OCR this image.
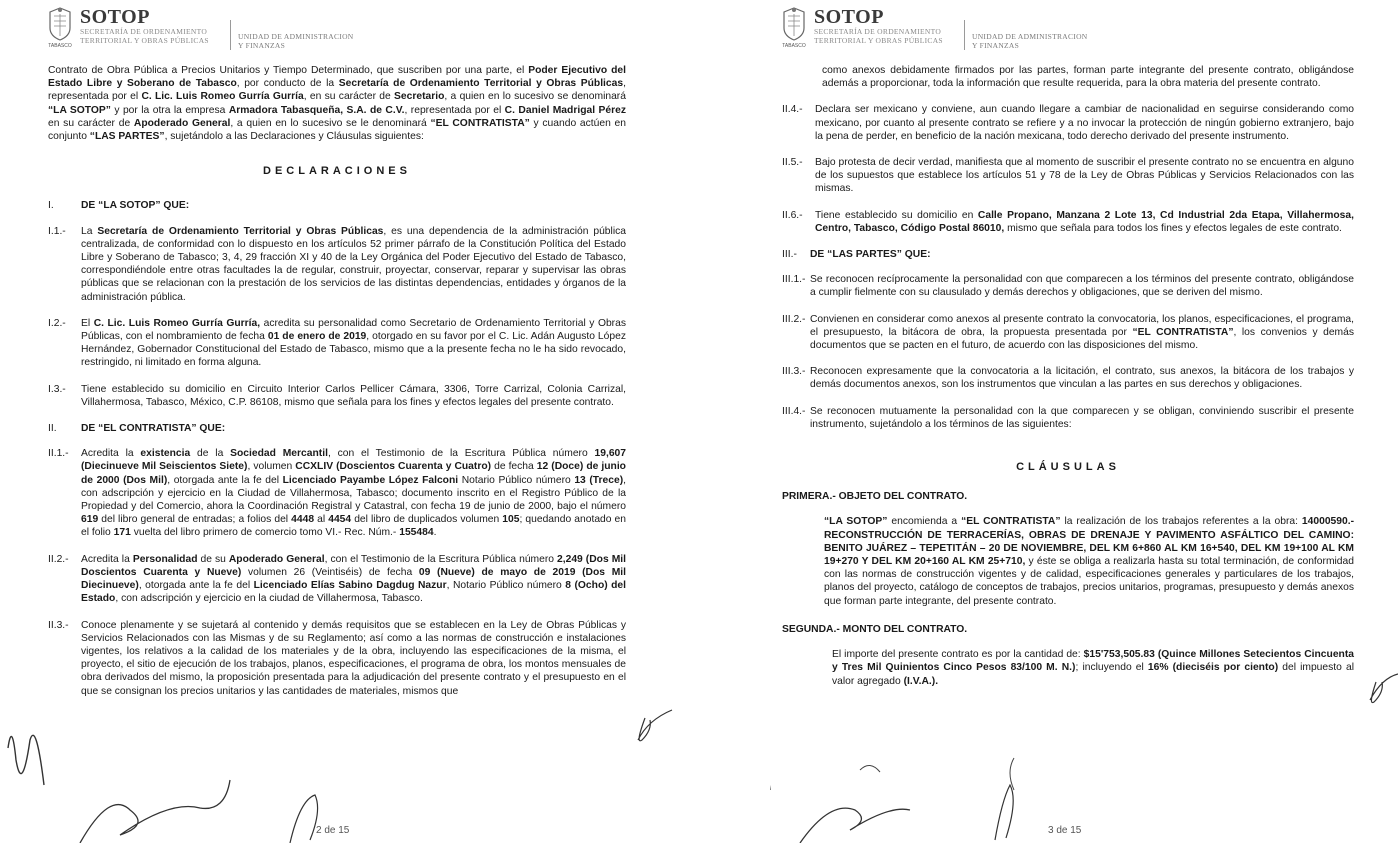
TABASCO
SOTOP
SECRETARÍA DE ORDENAMIENTO
TERRITORIAL Y OBRAS PÚBLICAS	UNIDAD DE ADMINISTRACION
Y FINANZAS

Contrato de Obra Pública a Precios Unitarios y Tiempo Determinado, que suscriben por una parte, el Poder Ejecutivo del Estado Libre y Soberano de Tabasco, por conducto de la Secretaría de Ordenamiento Territorial y Obras Públicas, representada por el C. Lic. Luis Romeo Gurría Gurría, en su carácter de Secretario, a quien en lo sucesivo se denominará “LA SOTOP” y por la otra la empresa Armadora Tabasqueña, S.A. de C.V., representada por el C. Daniel Madrigal Pérez en su carácter de Apoderado General, a quien en lo sucesivo se le denominará “EL CONTRATISTA” y cuando actúen en conjunto “LAS PARTES”, sujetándolo a las Declaraciones y Cláusulas siguientes:

DECLARACIONES
I.	DE “LA SOTOP” QUE:
I.1.-	La Secretaría de Ordenamiento Territorial y Obras Públicas, es una dependencia de la administración pública centralizada, de conformidad con lo dispuesto en los artículos 52 primer párrafo de la Constitución Política del Estado Libre y Soberano de Tabasco; 3, 4, 29 fracción XI y 40 de la Ley Orgánica del Poder Ejecutivo del Estado de Tabasco, correspondiéndole entre otras facultades la de regular, construir, proyectar, conservar, reparar y supervisar las obras públicas que se relacionan con la prestación de los servicios de las distintas dependencias, entidades y órganos de la administración pública.
I.2.-	El C. Lic. Luis Romeo Gurría Gurría, acredita su personalidad como Secretario de Ordenamiento Territorial y Obras Públicas, con el nombramiento de fecha 01 de enero de 2019, otorgado en su favor por el C. Lic. Adán Augusto López Hernández, Gobernador Constitucional del Estado de Tabasco, mismo que a la presente fecha no le ha sido revocado, restringido, ni limitado en forma alguna.
I.3.-	Tiene establecido su domicilio en Circuito Interior Carlos Pellicer Cámara, 3306, Torre Carrizal, Colonia Carrizal, Villahermosa, Tabasco, México, C.P. 86108, mismo que señala para los fines y efectos legales del presente contrato.
II.	DE “EL CONTRATISTA” QUE:
II.1.-	Acredita la existencia de la Sociedad Mercantil, con el Testimonio de la Escritura Pública número 19,607 (Diecinueve Mil Seiscientos Siete), volumen CCXLIV (Doscientos Cuarenta y Cuatro) de fecha 12 (Doce) de junio de 2000 (Dos Mil), otorgada ante la fe del Licenciado Payambe López Falconi Notario Público número 13 (Trece), con adscripción y ejercicio en la Ciudad de Villahermosa, Tabasco; documento inscrito en el Registro Público de la Propiedad y del Comercio, ahora la Coordinación Registral y Catastral, con fecha 19 de junio de 2000, bajo el número 619 del libro general de entradas; a folios del 4448 al 4454 del libro de duplicados volumen 105; quedando anotado en el folio 171 vuelta del libro primero de comercio tomo VI.- Rec. Núm.- 155484.
II.2.-	Acredita la Personalidad de su Apoderado General, con el Testimonio de la Escritura Pública número 2,249 (Dos Mil Doscientos Cuarenta y Nueve) volumen 26 (Veintiséis) de fecha 09 (Nueve) de mayo de 2019 (Dos Mil Diecinueve), otorgada ante la fe del Licenciado Elías Sabino Dagdug Nazur, Notario Público número 8 (Ocho) del Estado, con adscripción y ejercicio en la ciudad de Villahermosa, Tabasco.
II.3.-	Conoce plenamente y se sujetará al contenido y demás requisitos que se establecen en la Ley de Obras Públicas y Servicios Relacionados con las Mismas y de su Reglamento; así como a las normas de construcción e instalaciones vigentes, los relativos a la calidad de los materiales y de la obra, incluyendo las especificaciones de la misma, el proyecto, el sitio de ejecución de los trabajos, planos, especificaciones, el programa de obra, los montos mensuales de obra derivados del mismo, la proposición presentada para la adjudicación del presente contrato y el presupuesto en el que se consignan los precios unitarios y las cantidades de materiales, mismos que
2 de 15
TABASCO
SOTOP
SECRETARÍA DE ORDENAMIENTO
TERRITORIAL Y OBRAS PÚBLICAS	UNIDAD DE ADMINISTRACION
Y FINANZAS

como anexos debidamente firmados por las partes, forman parte integrante del presente contrato, obligándose además a proporcionar, toda la información que resulte requerida, para la obra materia del presente contrato.

II.4.-	Declara ser mexicano y conviene, aun cuando llegare a cambiar de nacionalidad en seguirse considerando como mexicano, por cuanto al presente contrato se refiere y a no invocar la protección de ningún gobierno extranjero, bajo la pena de perder, en beneficio de la nación mexicana, todo derecho derivado del presente instrumento.
II.5.-	Bajo protesta de decir verdad, manifiesta que al momento de suscribir el presente contrato no se encuentra en alguno de los supuestos que establece los artículos 51 y 78 de la Ley de Obras Públicas y Servicios Relacionados con las mismas.
II.6.-	Tiene establecido su domicilio en Calle Propano, Manzana 2 Lote 13, Cd Industrial 2da Etapa, Villahermosa, Centro, Tabasco, Código Postal 86010, mismo que señala para todos los fines y efectos legales de este contrato.
III.-	DE “LAS PARTES” QUE:
III.1.- Se reconocen recíprocamente la personalidad con que comparecen a los términos del presente contrato, obligándose a cumplir fielmente con su clausulado y demás derechos y obligaciones, que se deriven del mismo.
III.2.- Convienen en considerar como anexos al presente contrato la convocatoria, los planos, especificaciones, el programa, el presupuesto, la bitácora de obra, la propuesta presentada por “EL CONTRATISTA”, los convenios y demás documentos que se pacten en el futuro, de acuerdo con las disposiciones del mismo.
III.3.- Reconocen expresamente que la convocatoria a la licitación, el contrato, sus anexos, la bitácora de los trabajos y demás documentos anexos, son los instrumentos que vinculan a las partes en sus derechos y obligaciones.
III.4.- Se reconocen mutuamente la personalidad con la que comparecen y se obligan, conviniendo suscribir el presente instrumento, sujetándolo a los términos de las siguientes:
CLÁUSULAS
PRIMERA.- OBJETO DEL CONTRATO.

“LA SOTOP” encomienda a “EL CONTRATISTA” la realización de los trabajos referentes a la obra: 14000590.- RECONSTRUCCIÓN DE TERRACERÍAS, OBRAS DE DRENAJE Y PAVIMENTO ASFÁLTICO DEL CAMINO: BENITO JUÁREZ – TEPETITÁN – 20 DE NOVIEMBRE, DEL KM 6+860 AL KM 16+540, DEL KM 19+100 AL KM 19+270 Y DEL KM 20+160 AL KM 25+710, y éste se obliga a realizarla hasta su total terminación, de conformidad con las normas de construcción vigentes y de calidad, especificaciones generales y particulares de los trabajos, planos del proyecto, catálogo de conceptos de trabajos, precios unitarios, programas, presupuesto y demás anexos que forman parte integrante, del presente contrato.

SEGUNDA.- MONTO DEL CONTRATO.

El importe del presente contrato es por la cantidad de: $15'753,505.83 (Quince Millones Setecientos Cincuenta y Tres Mil Quinientos Cinco Pesos 83/100 M. N.); incluyendo el 16% (dieciséis por ciento) del impuesto al valor agregado (I.V.A.).

3 de 15
